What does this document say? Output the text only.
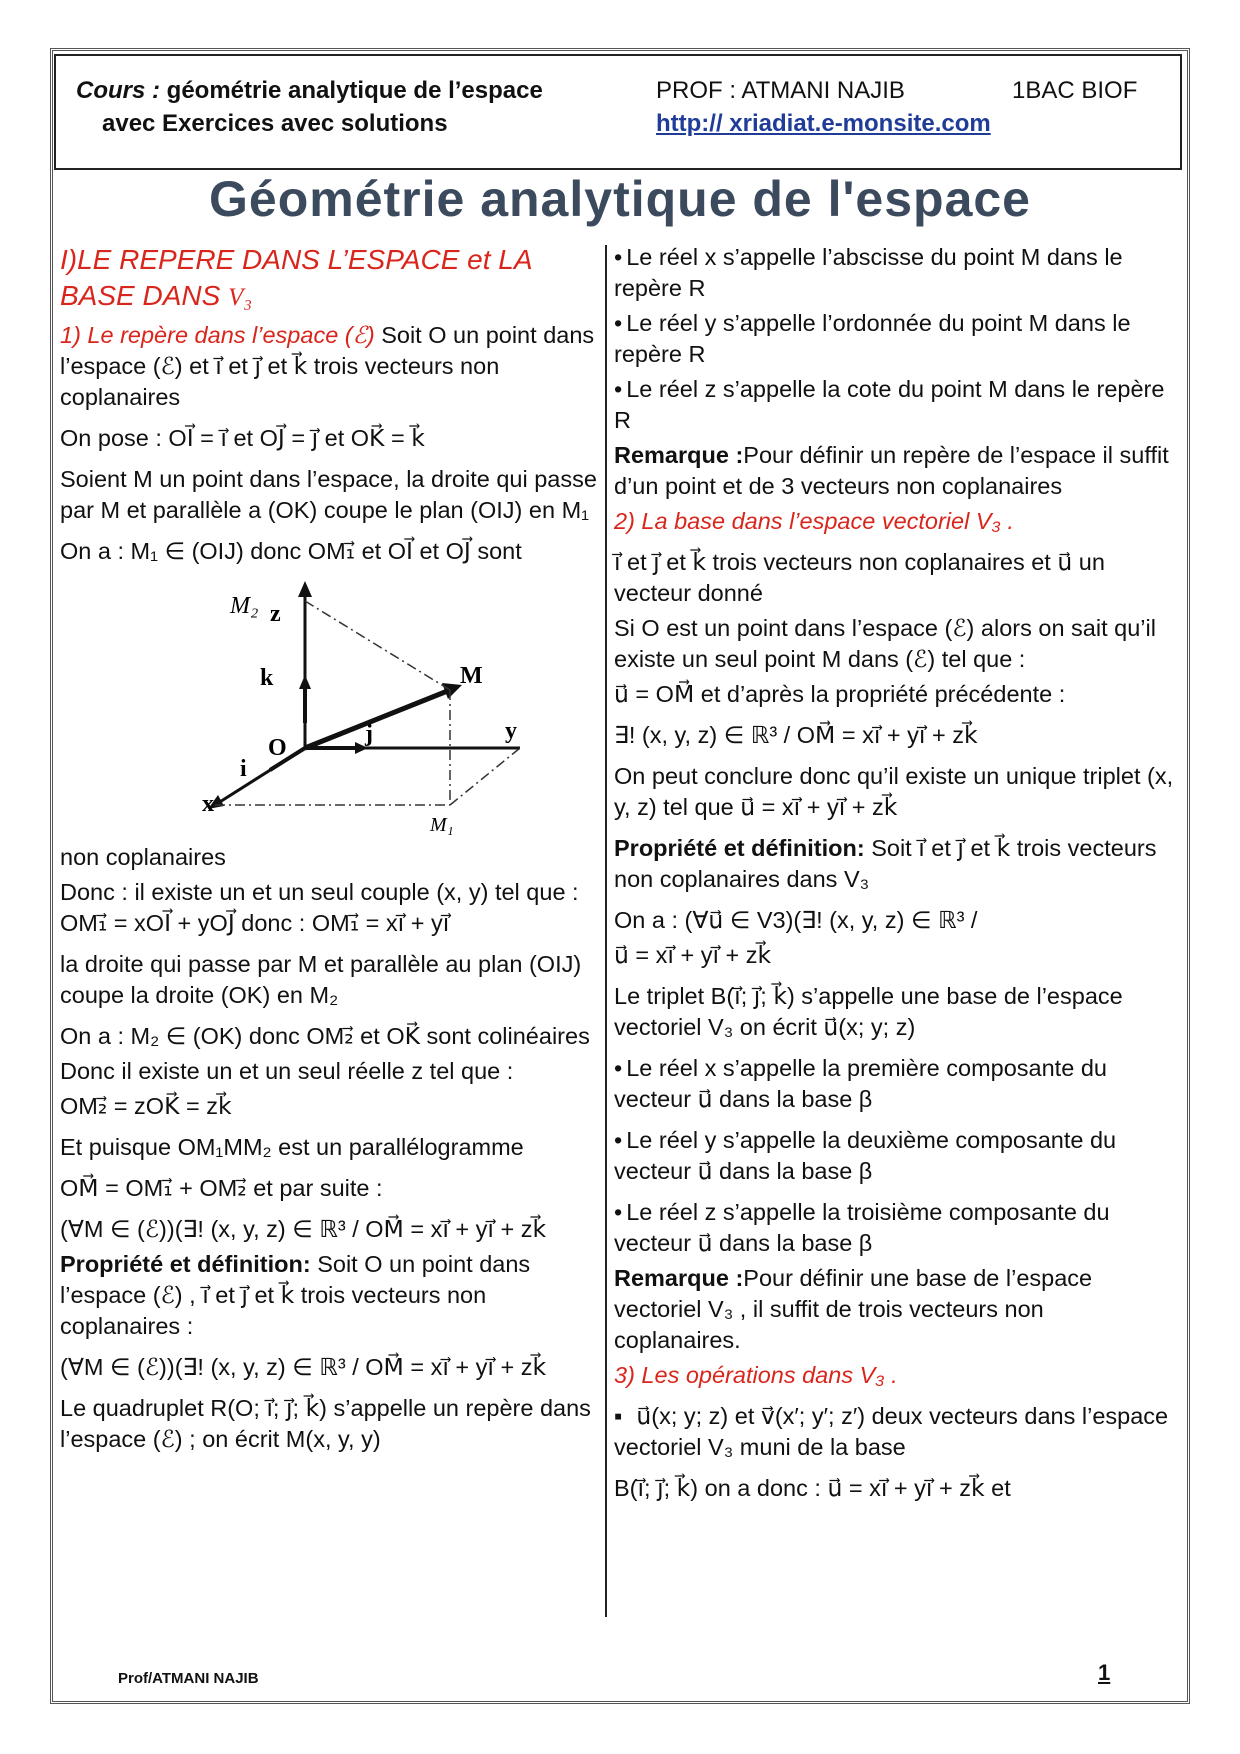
Cours : géométrie analytique de l’espace
avec Exercices avec solutions
PROF : ATMANI NAJIB
http:// xriadiat.e-monsite.com
1BAC BIOF
Géométrie analytique de l'espace

I)LE REPERE DANS L’ESPACE et LA BASE DANS V₃

1) Le repère dans l’espace (ℰ) Soit O un point dans l’espace (ℰ) et i⃗ et j⃗ et k⃗ trois vecteurs non coplanaires

On pose : OI⃗ = i⃗ et OJ⃗ = j⃗ et OK⃗ = k⃗

Soient M un point dans l’espace, la droite qui passe par M et parallèle a (OK) coupe le plan (OIJ) en M₁

On a : M₁ ∈ (OIJ) donc OM₁⃗ et OI⃗ et OJ⃗ sont

M₂ z
k⃗	M
O
j⃗	y
i⃗
x
M₁

non coplanaires

Donc : il existe un et un seul couple (x, y) tel que : OM₁⃗ = xOI⃗ + yOJ⃗ donc : OM₁⃗ = xi⃗ + yi⃗

la droite qui passe par M et parallèle au plan (OIJ) coupe la droite (OK) en M₂

On a : M₂ ∈ (OK) donc OM₂⃗ et OK⃗ sont colinéaires

Donc il existe un et un seul réelle z tel que :

OM₂⃗ = zOK⃗ = zk⃗

Et puisque OM₁MM₂ est un parallélogramme

OM⃗ = OM₁⃗ + OM₂⃗ et par suite :

(∀M ∈ (ℰ))(∃! (x, y, z) ∈ ℝ³ / OM⃗ = xi⃗ + yi⃗ + zk⃗

Propriété et définition: Soit O un point dans l’espace (ℰ) , i⃗ et j⃗ et k⃗ trois vecteurs non coplanaires :

(∀M ∈ (ℰ))(∃! (x, y, z) ∈ ℝ³ / OM⃗ = xi⃗ + yi⃗ + zk⃗

Le quadruplet R(O; i⃗; j⃗; k⃗) s’appelle un repère dans l’espace (ℰ) ; on écrit M(x, y, y)

• Le réel x s’appelle l’abscisse du point M dans le repère R

• Le réel y s’appelle l’ordonnée du point M dans le repère R

• Le réel z s’appelle la cote du point M dans le repère R

Remarque :Pour définir un repère de l’espace il suffit d’un point et de 3 vecteurs non coplanaires

2) La base dans l’espace vectoriel V₃ .

i⃗ et j⃗ et k⃗ trois vecteurs non coplanaires et u⃗ un vecteur donné

Si O est un point dans l’espace (ℰ) alors on sait qu’il existe un seul point M dans (ℰ) tel que :

u⃗ = OM⃗ et d’après la propriété précédente :

∃! (x, y, z) ∈ ℝ³ / OM⃗ = xi⃗ + yi⃗ + zk⃗

On peut conclure donc qu’il existe un unique triplet (x, y, z) tel que u⃗ = xi⃗ + yi⃗ + zk⃗

Propriété et définition: Soit i⃗ et j⃗ et k⃗ trois vecteurs non coplanaires dans V₃

On a : (∀u⃗ ∈ V3)(∃! (x, y, z) ∈ ℝ³ /

u⃗ = xi⃗ + yi⃗ + zk⃗

Le triplet B(i⃗; j⃗; k⃗) s’appelle une base de l’espace vectoriel V₃ on écrit u⃗(x; y; z)

• Le réel x s’appelle la première composante du vecteur u⃗ dans la base β

• Le réel y s’appelle la deuxième composante du vecteur u⃗ dans la base β

• Le réel z s’appelle la troisième composante du vecteur u⃗ dans la base β

Remarque :Pour définir une base de l’espace vectoriel V₃ , il suffit de trois vecteurs non coplanaires.

3) Les opérations dans V₃ .

▪ u⃗(x; y; z) et v⃗(x′; y′; z′) deux vecteurs dans l’espace vectoriel V₃ muni de la base

B(i⃗; j⃗; k⃗) on a donc : u⃗ = xi⃗ + yi⃗ + zk⃗ et

Prof/ATMANI NAJIB	1
